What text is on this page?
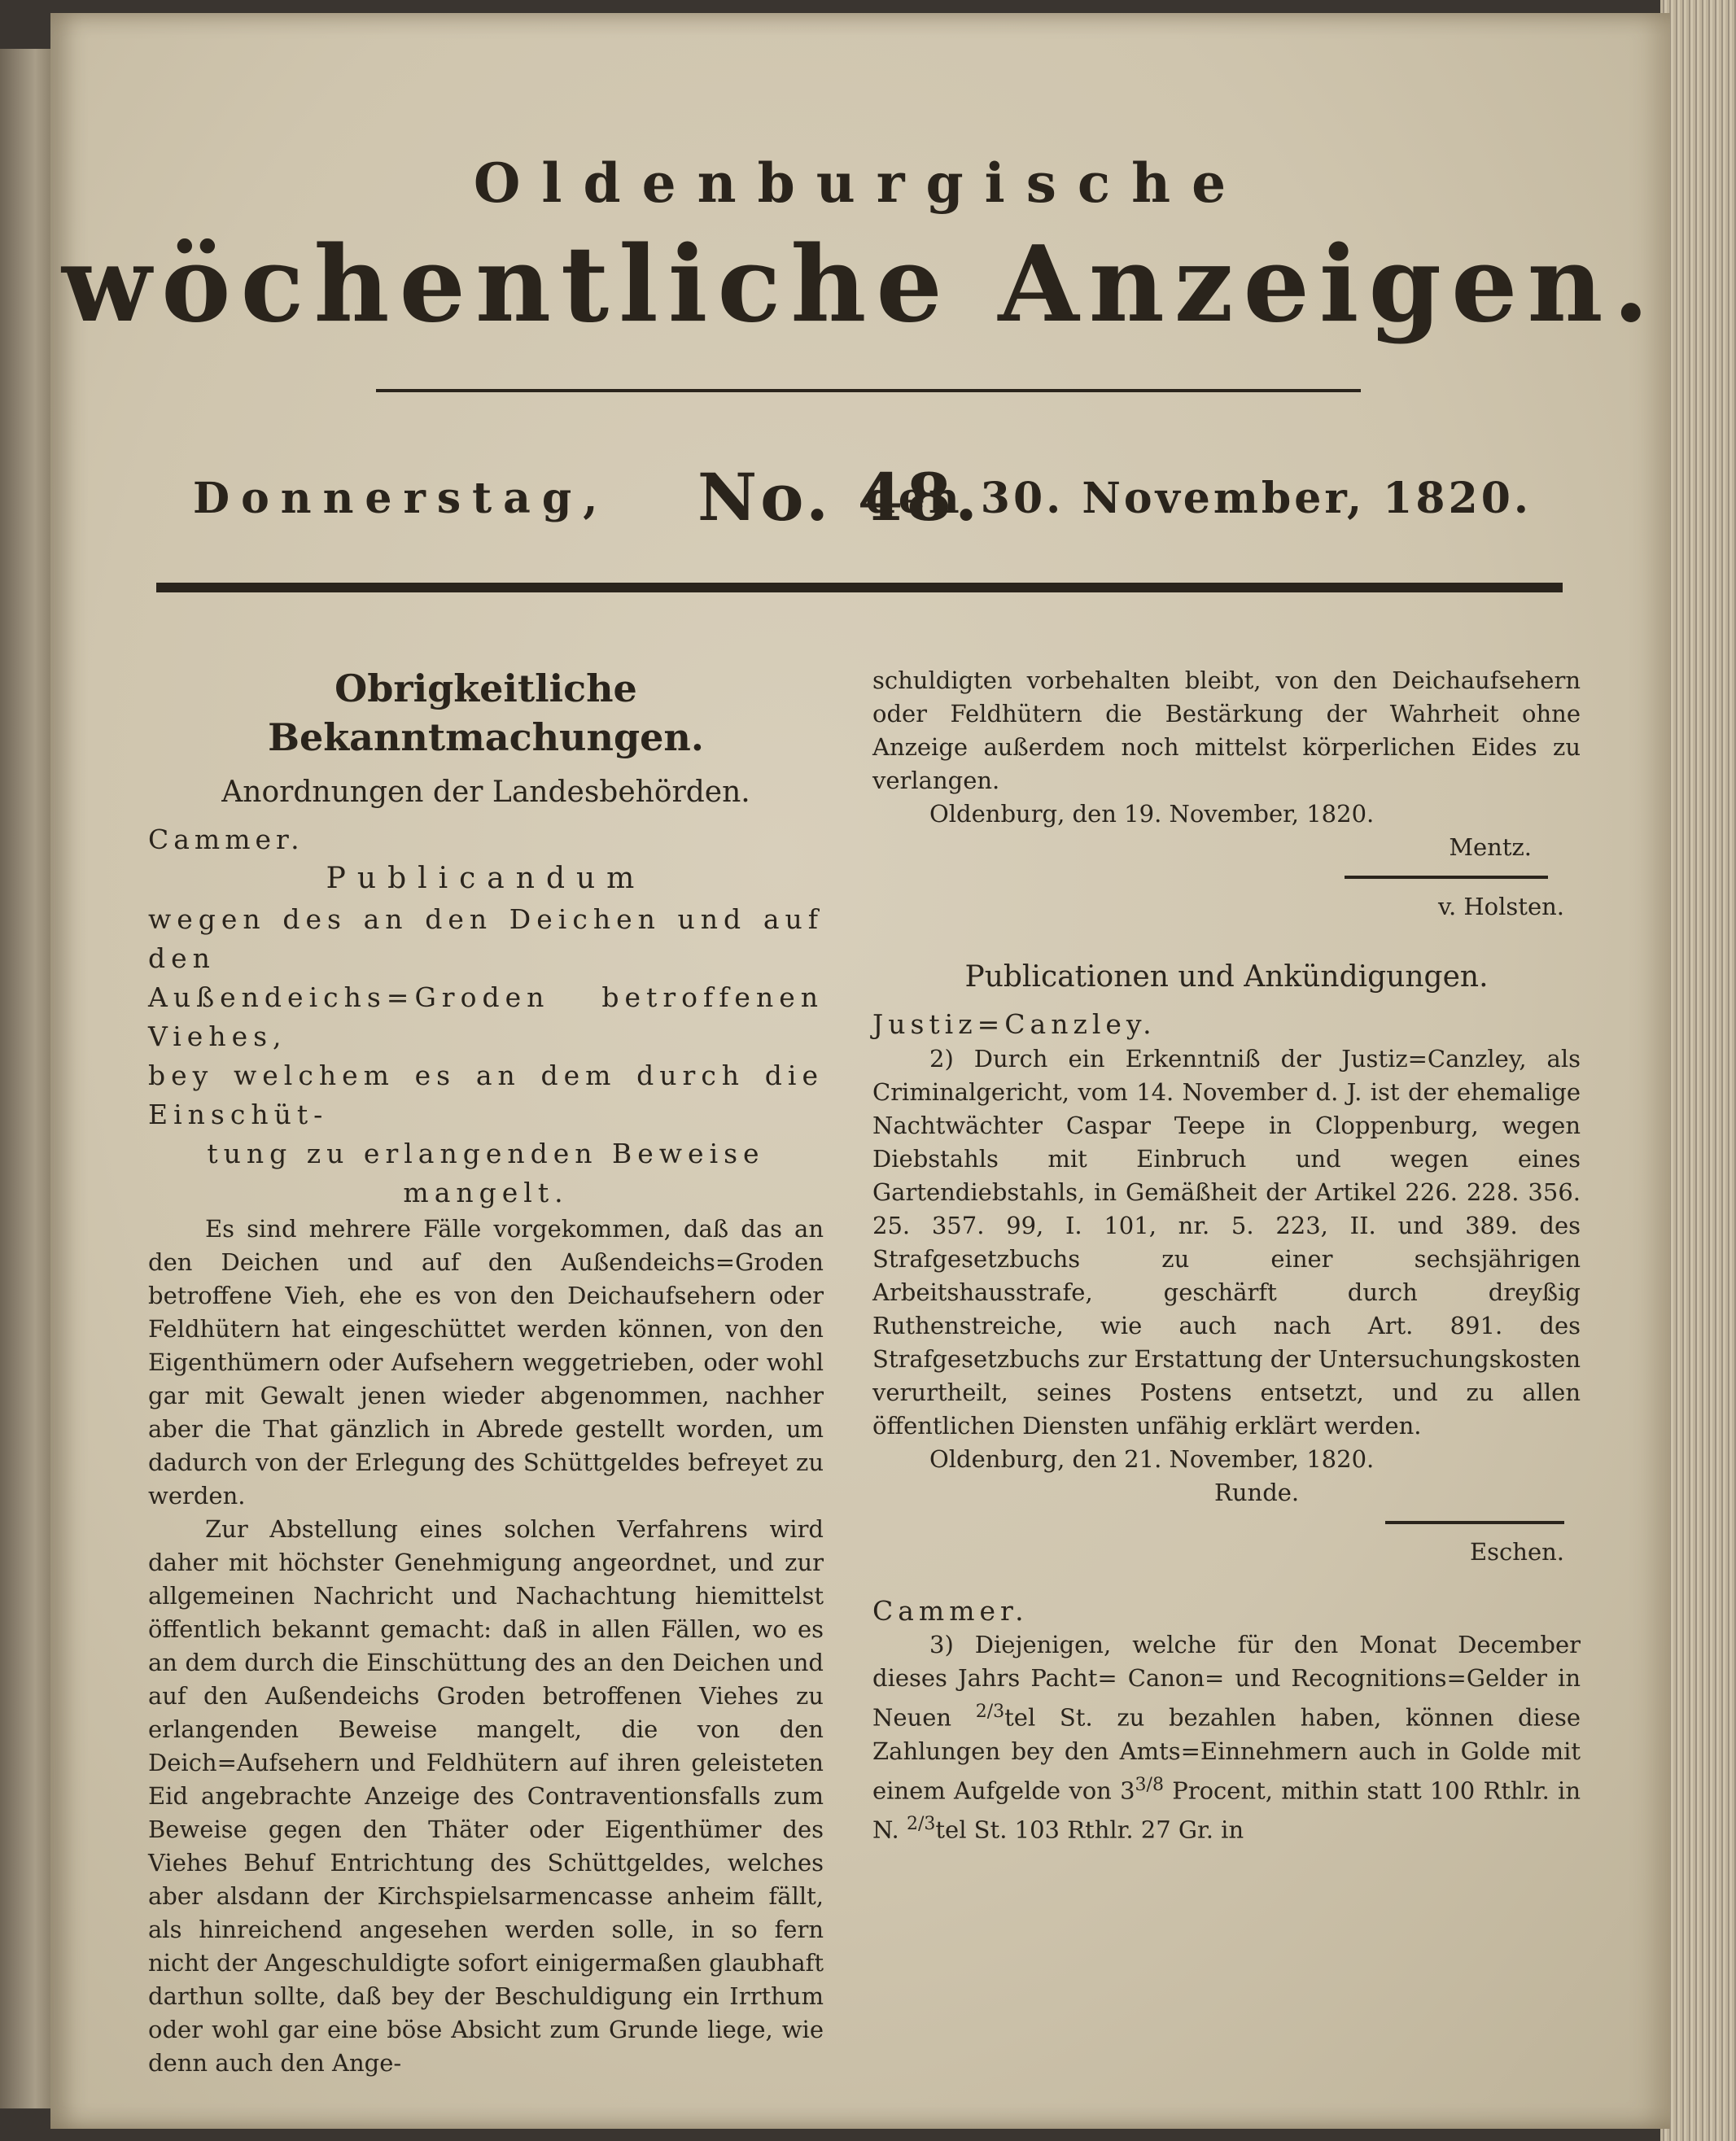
Oldenburgische
wöchentliche Anzeigen.
Donnerstag, No. 48.
den 30. November, 1820.

Obrigkeitliche Bekanntmachungen.

Anordnungen der Landesbehörden.

Cammer.

Publicandum

wegen des an den Deichen und auf den

Außendeichs=Groden betroffenen Viehes,

bey welchem es an dem durch die Einschüt-

tung zu erlangenden Beweise mangelt.

Es sind mehrere Fälle vorgekommen, daß das an den Deichen und auf den Außendeichs=Groden betroffene Vieh, ehe es von den Deichaufsehern oder Feldhütern hat eingeschüttet werden können, von den Eigenthümern oder Aufsehern weggetrieben, oder wohl gar mit Gewalt jenen wieder abgenommen, nachher aber die That gänzlich in Abrede gestellt worden, um dadurch von der Erlegung des Schüttgeldes befreyet zu werden.

Zur Abstellung eines solchen Verfahrens wird daher mit höchster Genehmigung angeordnet, und zur allgemeinen Nachricht und Nachachtung hiemittelst öffentlich bekannt gemacht: daß in allen Fällen, wo es an dem durch die Einschüttung des an den Deichen und auf den Außendeichs Groden betroffenen Viehes zu erlangenden Beweise mangelt, die von den Deich=Aufsehern und Feldhütern auf ihren geleisteten Eid angebrachte Anzeige des Contraventionsfalls zum Beweise gegen den Thäter oder Eigenthümer des Viehes Behuf Entrichtung des Schüttgeldes, welches aber alsdann der Kirchspielsarmencasse anheim fällt, als hinreichend angesehen werden solle, in so fern nicht der Angeschuldigte sofort einigermaßen glaubhaft darthun sollte, daß bey der Beschuldigung ein Irrthum oder wohl gar eine böse Absicht zum Grunde liege, wie denn auch den Ange-

schuldigten vorbehalten bleibt, von den Deichaufsehern oder Feldhütern die Bestärkung der Wahrheit ohne Anzeige außerdem noch mittelst körperlichen Eides zu verlangen.

Oldenburg, den 19. November, 1820.

Mentz.

v. Holsten.

Publicationen und Ankündigungen.

Justiz=Canzley.

2) Durch ein Erkenntniß der Justiz=Canzley, als Criminalgericht, vom 14. November d. J. ist der ehemalige Nachtwächter Caspar Teepe in Cloppenburg, wegen Diebstahls mit Einbruch und wegen eines Gartendiebstahls, in Gemäßheit der Artikel 226. 228. 356. 25. 357. 99, I. 101, nr. 5. 223, II. und 389. des Strafgesetzbuchs zu einer sechsjährigen Arbeitshausstrafe, geschärft durch dreyßig Ruthenstreiche, wie auch nach Art. 891. des Strafgesetzbuchs zur Erstattung der Untersuchungskosten verurtheilt, seines Postens entsetzt, und zu allen öffentlichen Diensten unfähig erklärt werden.

Oldenburg, den 21. November, 1820.

Runde.

Eschen.

Cammer.

3) Diejenigen, welche für den Monat December dieses Jahrs Pacht= Canon= und Recognitions=Gelder in Neuen $^{2/3}$tel St. zu bezahlen haben, können diese Zahlungen bey den Amts=Einnehmern auch in Golde mit einem Aufgelde von $3^{3/8}$ Procent, mithin statt 100 Rthlr. in N. $^{2/3}$tel St. 103 Rthlr. 27 Gr. in
